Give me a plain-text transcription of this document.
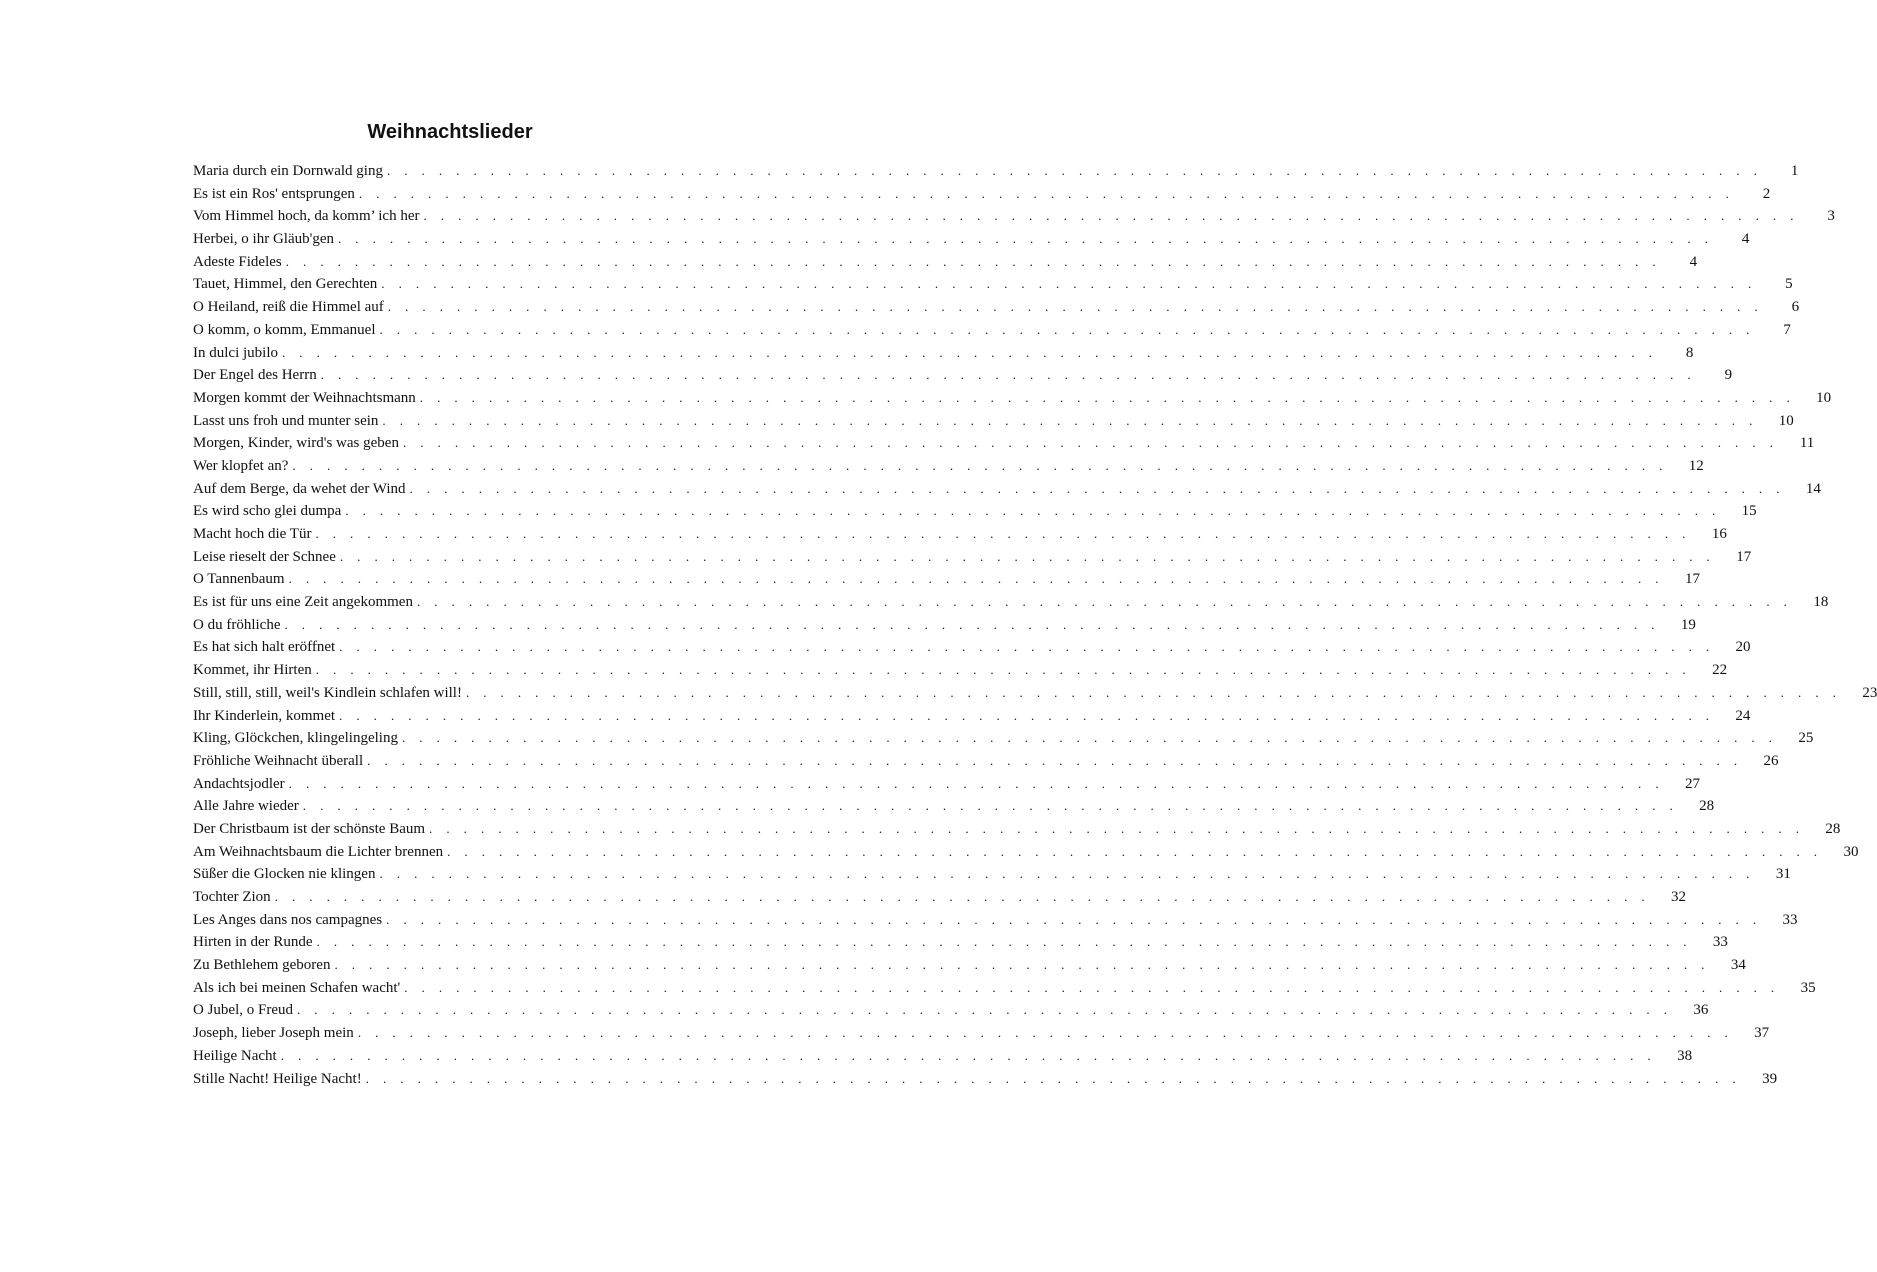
Weihnachtslieder
Maria durch ein Dornwald ging . . . . . . . . . . . . . . . . . . . . . . . . . . . . . . . . . . . . . . . . . . . . . . . . . . . . . . . . . . . . . . . . . . . . . . . . . . . . . . . .	1
Es ist ein Ros' entsprungen . . . . . . . . . . . . . . . . . . . . . . . . . . . . . . . . . . . . . . . . . . . . . . . . . . . . . . . . . . . . . . . . . . . . . . . . . . . . . . . .	2
Vom Himmel hoch, da komm’ ich her . . . . . . . . . . . . . . . . . . . . . . . . . . . . . . . . . . . . . . . . . . . . . . . . . . . . . . . . . . . . . . . . . . . . . . . . . . . . . . . .	3
Herbei, o ihr Gläub'gen . . . . . . . . . . . . . . . . . . . . . . . . . . . . . . . . . . . . . . . . . . . . . . . . . . . . . . . . . . . . . . . . . . . . . . . . . . . . . . . .	4
Adeste Fideles . . . . . . . . . . . . . . . . . . . . . . . . . . . . . . . . . . . . . . . . . . . . . . . . . . . . . . . . . . . . . . . . . . . . . . . . . . . . . . . .	4
Tauet, Himmel, den Gerechten . . . . . . . . . . . . . . . . . . . . . . . . . . . . . . . . . . . . . . . . . . . . . . . . . . . . . . . . . . . . . . . . . . . . . . . . . . . . . . . .	5
O Heiland, reiß die Himmel auf . . . . . . . . . . . . . . . . . . . . . . . . . . . . . . . . . . . . . . . . . . . . . . . . . . . . . . . . . . . . . . . . . . . . . . . . . . . . . . . .	6
O komm, o komm, Emmanuel . . . . . . . . . . . . . . . . . . . . . . . . . . . . . . . . . . . . . . . . . . . . . . . . . . . . . . . . . . . . . . . . . . . . . . . . . . . . . . . .	7
In dulci jubilo . . . . . . . . . . . . . . . . . . . . . . . . . . . . . . . . . . . . . . . . . . . . . . . . . . . . . . . . . . . . . . . . . . . . . . . . . . . . . . . .	8
Der Engel des Herrn . . . . . . . . . . . . . . . . . . . . . . . . . . . . . . . . . . . . . . . . . . . . . . . . . . . . . . . . . . . . . . . . . . . . . . . . . . . . . . . .	9
Morgen kommt der Weihnachtsmann . . . . . . . . . . . . . . . . . . . . . . . . . . . . . . . . . . . . . . . . . . . . . . . . . . . . . . . . . . . . . . . . . . . . . . . . . . . . . . . .	10
Lasst uns froh und munter sein . . . . . . . . . . . . . . . . . . . . . . . . . . . . . . . . . . . . . . . . . . . . . . . . . . . . . . . . . . . . . . . . . . . . . . . . . . . . . . . .	10
Morgen, Kinder, wird's was geben . . . . . . . . . . . . . . . . . . . . . . . . . . . . . . . . . . . . . . . . . . . . . . . . . . . . . . . . . . . . . . . . . . . . . . . . . . . . . . . .	11
Wer klopfet an? . . . . . . . . . . . . . . . . . . . . . . . . . . . . . . . . . . . . . . . . . . . . . . . . . . . . . . . . . . . . . . . . . . . . . . . . . . . . . . . .	12
Auf dem Berge, da wehet der Wind . . . . . . . . . . . . . . . . . . . . . . . . . . . . . . . . . . . . . . . . . . . . . . . . . . . . . . . . . . . . . . . . . . . . . . . . . . . . . . . .	14
Es wird scho glei dumpa . . . . . . . . . . . . . . . . . . . . . . . . . . . . . . . . . . . . . . . . . . . . . . . . . . . . . . . . . . . . . . . . . . . . . . . . . . . . . . . .	15
Macht hoch die Tür . . . . . . . . . . . . . . . . . . . . . . . . . . . . . . . . . . . . . . . . . . . . . . . . . . . . . . . . . . . . . . . . . . . . . . . . . . . . . . . .	16
Leise rieselt der Schnee . . . . . . . . . . . . . . . . . . . . . . . . . . . . . . . . . . . . . . . . . . . . . . . . . . . . . . . . . . . . . . . . . . . . . . . . . . . . . . . .	17
O Tannenbaum . . . . . . . . . . . . . . . . . . . . . . . . . . . . . . . . . . . . . . . . . . . . . . . . . . . . . . . . . . . . . . . . . . . . . . . . . . . . . . . .	17
Es ist für uns eine Zeit angekommen . . . . . . . . . . . . . . . . . . . . . . . . . . . . . . . . . . . . . . . . . . . . . . . . . . . . . . . . . . . . . . . . . . . . . . . . . . . . . . . .	18
O du fröhliche . . . . . . . . . . . . . . . . . . . . . . . . . . . . . . . . . . . . . . . . . . . . . . . . . . . . . . . . . . . . . . . . . . . . . . . . . . . . . . . .	19
Es hat sich halt eröffnet . . . . . . . . . . . . . . . . . . . . . . . . . . . . . . . . . . . . . . . . . . . . . . . . . . . . . . . . . . . . . . . . . . . . . . . . . . . . . . . .	20
Kommet, ihr Hirten . . . . . . . . . . . . . . . . . . . . . . . . . . . . . . . . . . . . . . . . . . . . . . . . . . . . . . . . . . . . . . . . . . . . . . . . . . . . . . . .	22
Still, still, still, weil's Kindlein schlafen will! . . . . . . . . . . . . . . . . . . . . . . . . . . . . . . . . . . . . . . . . . . . . . . . . . . . . . . . . . . . . . . . . . . . . . . . . . . . . . . . .	23
Ihr Kinderlein, kommet . . . . . . . . . . . . . . . . . . . . . . . . . . . . . . . . . . . . . . . . . . . . . . . . . . . . . . . . . . . . . . . . . . . . . . . . . . . . . . . .	24
Kling, Glöckchen, klingelingeling . . . . . . . . . . . . . . . . . . . . . . . . . . . . . . . . . . . . . . . . . . . . . . . . . . . . . . . . . . . . . . . . . . . . . . . . . . . . . . . .	25
Fröhliche Weihnacht überall . . . . . . . . . . . . . . . . . . . . . . . . . . . . . . . . . . . . . . . . . . . . . . . . . . . . . . . . . . . . . . . . . . . . . . . . . . . . . . . .	26
Andachtsjodler . . . . . . . . . . . . . . . . . . . . . . . . . . . . . . . . . . . . . . . . . . . . . . . . . . . . . . . . . . . . . . . . . . . . . . . . . . . . . . . .	27
Alle Jahre wieder . . . . . . . . . . . . . . . . . . . . . . . . . . . . . . . . . . . . . . . . . . . . . . . . . . . . . . . . . . . . . . . . . . . . . . . . . . . . . . . .	28
Der Christbaum ist der schönste Baum . . . . . . . . . . . . . . . . . . . . . . . . . . . . . . . . . . . . . . . . . . . . . . . . . . . . . . . . . . . . . . . . . . . . . . . . . . . . . . . .	28
Am Weihnachtsbaum die Lichter brennen . . . . . . . . . . . . . . . . . . . . . . . . . . . . . . . . . . . . . . . . . . . . . . . . . . . . . . . . . . . . . . . . . . . . . . . . . . . . . . . .	30
Süßer die Glocken nie klingen . . . . . . . . . . . . . . . . . . . . . . . . . . . . . . . . . . . . . . . . . . . . . . . . . . . . . . . . . . . . . . . . . . . . . . . . . . . . . . . .	31
Tochter Zion . . . . . . . . . . . . . . . . . . . . . . . . . . . . . . . . . . . . . . . . . . . . . . . . . . . . . . . . . . . . . . . . . . . . . . . . . . . . . . . .	32
Les Anges dans nos campagnes . . . . . . . . . . . . . . . . . . . . . . . . . . . . . . . . . . . . . . . . . . . . . . . . . . . . . . . . . . . . . . . . . . . . . . . . . . . . . . . .	33
Hirten in der Runde . . . . . . . . . . . . . . . . . . . . . . . . . . . . . . . . . . . . . . . . . . . . . . . . . . . . . . . . . . . . . . . . . . . . . . . . . . . . . . . .	33
Zu Bethlehem geboren . . . . . . . . . . . . . . . . . . . . . . . . . . . . . . . . . . . . . . . . . . . . . . . . . . . . . . . . . . . . . . . . . . . . . . . . . . . . . . . .	34
Als ich bei meinen Schafen wacht' . . . . . . . . . . . . . . . . . . . . . . . . . . . . . . . . . . . . . . . . . . . . . . . . . . . . . . . . . . . . . . . . . . . . . . . . . . . . . . . .	35
O Jubel, o Freud . . . . . . . . . . . . . . . . . . . . . . . . . . . . . . . . . . . . . . . . . . . . . . . . . . . . . . . . . . . . . . . . . . . . . . . . . . . . . . . .	36
Joseph, lieber Joseph mein . . . . . . . . . . . . . . . . . . . . . . . . . . . . . . . . . . . . . . . . . . . . . . . . . . . . . . . . . . . . . . . . . . . . . . . . . . . . . . . .	37
Heilige Nacht . . . . . . . . . . . . . . . . . . . . . . . . . . . . . . . . . . . . . . . . . . . . . . . . . . . . . . . . . . . . . . . . . . . . . . . . . . . . . . . .	38
Stille Nacht! Heilige Nacht! . . . . . . . . . . . . . . . . . . . . . . . . . . . . . . . . . . . . . . . . . . . . . . . . . . . . . . . . . . . . . . . . . . . . . . . . . . . . . . . .	39
